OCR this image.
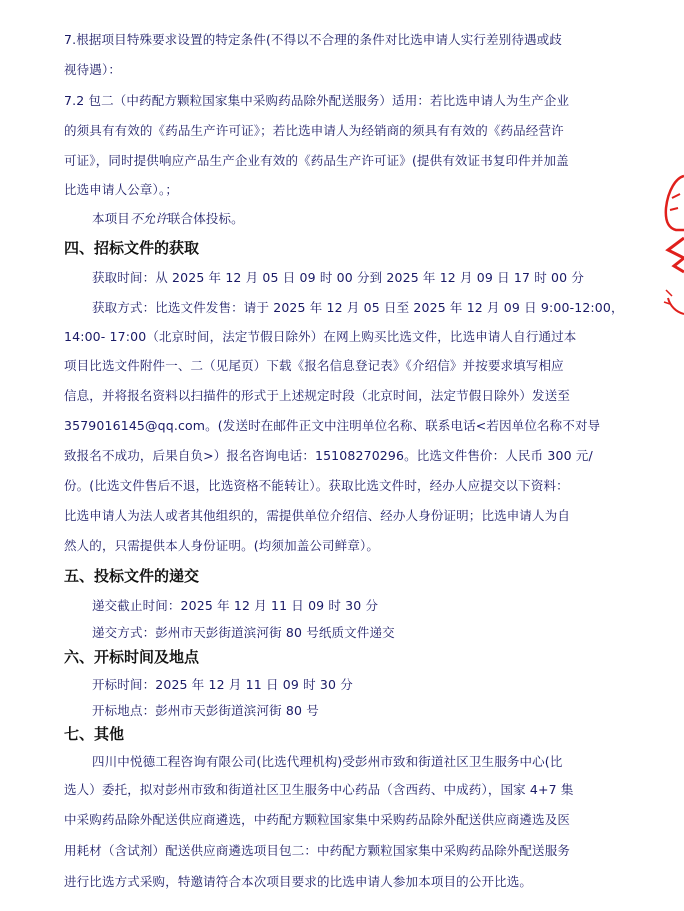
7.根据项目特殊要求设置的特定条件(不得以不合理的条件对比选申请人实行差别待遇或歧
视待遇）：
7.2 包二（中药配方颗粒国家集中采购药品除外配送服务）适用：若比选申请人为生产企业
的须具有有效的《药品生产许可证》；若比选申请人为经销商的须具有有效的《药品经营许
可证》，同时提供响应产品生产企业有效的《药品生产许可证》(提供有效证书复印件并加盖
比选申请人公章）。；
本项目不允许联合体投标。
四、招标文件的获取
获取时间：从 2025 年 12 月 05 日 09 时 00 分到 2025 年 12 月 09 日 17 时 00 分
获取方式：比选文件发售：请于 2025 年 12 月 05 日至 2025 年 12 月 09 日 9:00-12:00，
14:00- 17:00（北京时间，法定节假日除外）在网上购买比选文件，比选申请人自行通过本
项目比选文件附件一、二（见尾页）下载《报名信息登记表》《介绍信》并按要求填写相应
信息，并将报名资料以扫描件的形式于上述规定时段（北京时间，法定节假日除外）发送至
3579016145@qq.com。(发送时在邮件正文中注明单位名称、联系电话<若因单位名称不对导
致报名不成功，后果自负>）报名咨询电话：15108270296。比选文件售价：人民币 300 元/
份。(比选文件售后不退，比选资格不能转让）。获取比选文件时，经办人应提交以下资料：
比选申请人为法人或者其他组织的，需提供单位介绍信、经办人身份证明；比选申请人为自
然人的，只需提供本人身份证明。(均须加盖公司鲜章）。
五、投标文件的递交
递交截止时间：2025 年 12 月 11 日 09 时 30 分
递交方式：彭州市天彭街道滨河街 80 号纸质文件递交
六、开标时间及地点
开标时间：2025 年 12 月 11 日 09 时 30 分
开标地点：彭州市天彭街道滨河街 80 号
七、其他
四川中悦德工程咨询有限公司(比选代理机构)受彭州市致和街道社区卫生服务中心(比
选人）委托，拟对彭州市致和街道社区卫生服务中心药品（含西药、中成药），国家 4+7 集
中采购药品除外配送供应商遴选，中药配方颗粒国家集中采购药品除外配送供应商遴选及医
用耗材（含试剂）配送供应商遴选项目包二：中药配方颗粒国家集中采购药品除外配送服务
进行比选方式采购，特邀请符合本次项目要求的比选申请人参加本项目的公开比选。
